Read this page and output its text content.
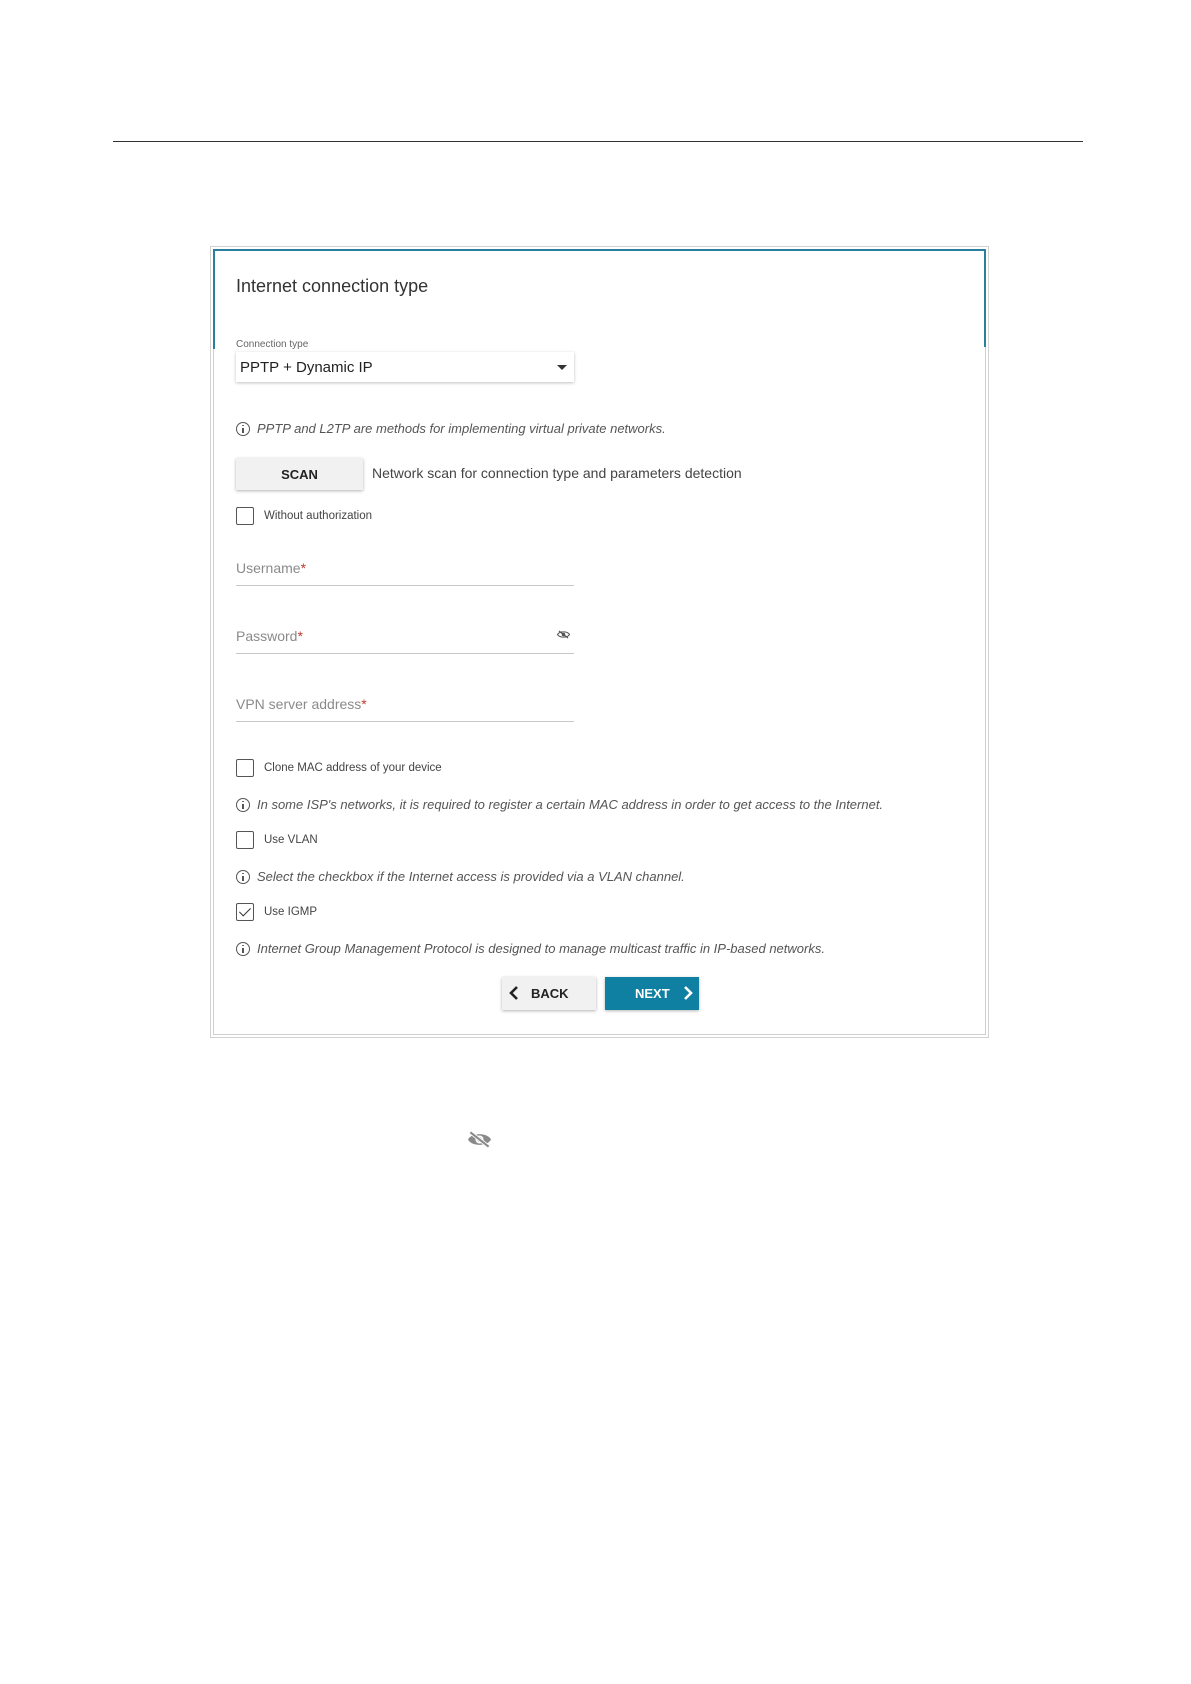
Internet connection type
Connection type
PPTP + Dynamic IP
PPTP and L2TP are methods for implementing virtual private networks.
SCAN	Network scan for connection type and parameters detection
Without authorization
Username*
Password*
VPN server address*
Clone MAC address of your device
In some ISP's networks, it is required to register a certain MAC address in order to get access to the Internet.
Use VLAN
Select the checkbox if the Internet access is provided via a VLAN channel.
Use IGMP
Internet Group Management Protocol is designed to manage multicast traffic in IP-based networks.
BACK	NEXT
